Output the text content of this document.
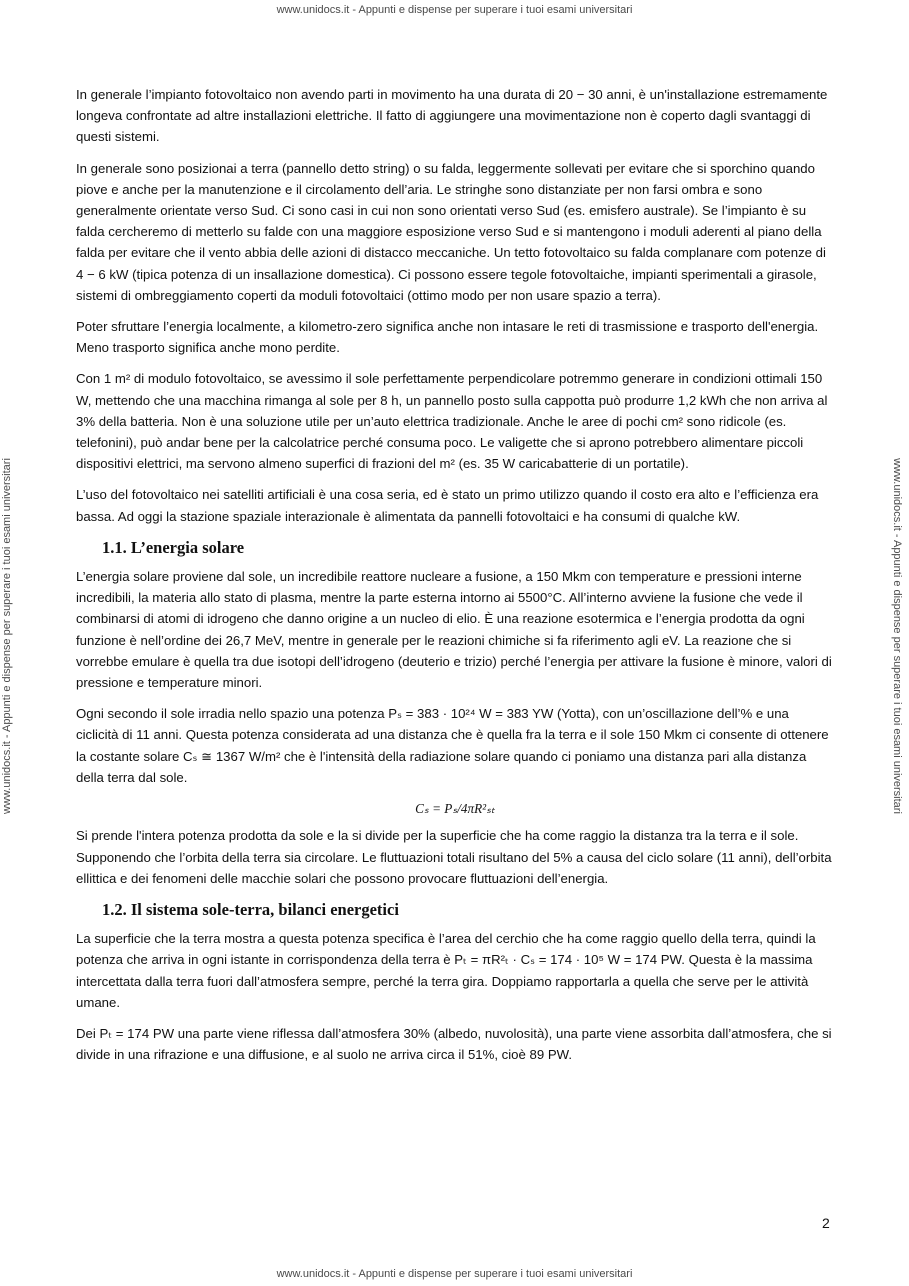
www.unidocs.it - Appunti e dispense per superare i tuoi esami universitari
www.unidocs.it - Appunti e dispense per superare i tuoi esami universitari	www.unidocs.it - Appunti e dispense per superare i tuoi esami universitari

In generale l’impianto fotovoltaico non avendo parti in movimento ha una durata di 20 − 30 anni, è un'installazione estremamente longeva confrontate ad altre installazioni elettriche. Il fatto di aggiungere una movimentazione non è coperto dagli svantaggi di questi sistemi.

In generale sono posizionai a terra (pannello detto string) o su falda, leggermente sollevati per evitare che si sporchino quando piove e anche per la manutenzione e il circolamento dell’aria. Le stringhe sono distanziate per non farsi ombra e sono generalmente orientate verso Sud. Ci sono casi in cui non sono orientati verso Sud (es. emisfero australe). Se l’impianto è su falda cercheremo di metterlo su falde con una maggiore esposizione verso Sud e si mantengono i moduli aderenti al piano della falda per evitare che il vento abbia delle azioni di distacco meccaniche. Un tetto fotovoltaico su falda complanare com potenze di 4 − 6 kW (tipica potenza di un insallazione domestica). Ci possono essere tegole fotovoltaiche, impianti sperimentali a girasole, sistemi di ombreggiamento coperti da moduli fotovoltaici (ottimo modo per non usare spazio a terra).

Poter sfruttare l’energia localmente, a kilometro-zero significa anche non intasare le reti di trasmissione e trasporto dell'energia. Meno trasporto significa anche mono perdite.

Con 1 m² di modulo fotovoltaico, se avessimo il sole perfettamente perpendicolare potremmo generare in condizioni ottimali 150 W, mettendo che una macchina rimanga al sole per 8 h, un pannello posto sulla cappotta può produrre 1,2 kWh che non arriva al 3% della batteria. Non è una soluzione utile per un’auto elettrica tradizionale. Anche le aree di pochi cm² sono ridicole (es. telefonini), può andar bene per la calcolatrice perché consuma poco. Le valigette che si aprono potrebbero alimentare piccoli dispositivi elettrici, ma servono almeno superfici di frazioni del m² (es. 35 W caricabatterie di un portatile).

L’uso del fotovoltaico nei satelliti artificiali è una cosa seria, ed è stato un primo utilizzo quando il costo era alto e l’efficienza era bassa. Ad oggi la stazione spaziale interazionale è alimentata da pannelli fotovoltaici e ha consumi di qualche kW.

1.1. L’energia solare

L’energia solare proviene dal sole, un incredibile reattore nucleare a fusione, a 150 Mkm con temperature e pressioni interne incredibili, la materia allo stato di plasma, mentre la parte esterna intorno ai 5500°C. All’interno avviene la fusione che vede il combinarsi di atomi di idrogeno che danno origine a un nucleo di elio. È una reazione esotermica e l’energia prodotta da ogni funzione è nell’ordine dei 26,7 MeV, mentre in generale per le reazioni chimiche si fa riferimento agli eV. La reazione che si vorrebbe emulare è quella tra due isotopi dell’idrogeno (deuterio e trizio) perché l’energia per attivare la fusione è minore, valori di pressione e temperature minori.

Ogni secondo il sole irradia nello spazio una potenza Pₛ = 383 · 10²⁴ W = 383 YW (Yotta), con un’oscillazione dell’% e una ciclicità di 11 anni. Questa potenza considerata ad una distanza che è quella fra la terra e il sole 150 Mkm ci consente di ottenere la costante solare Cₛ ≅ 1367 W/m² che è l'intensità della radiazione solare quando ci poniamo una distanza pari alla distanza della terra dal sole.

Cₛ = Pₛ/4πR²ₛₜ

Si prende l'intera potenza prodotta da sole e la si divide per la superficie che ha come raggio la distanza tra la terra e il sole. Supponendo che l’orbita della terra sia circolare. Le fluttuazioni totali risultano del 5% a causa del ciclo solare (11 anni), dell’orbita ellittica e dei fenomeni delle macchie solari che possono provocare fluttuazioni dell’energia.

1.2. Il sistema sole-terra, bilanci energetici

La superficie che la terra mostra a questa potenza specifica è l’area del cerchio che ha come raggio quello della terra, quindi la potenza che arriva in ogni istante in corrispondenza della terra è Pₜ = πR²ₜ · Cₛ = 174 · 10⁵ W = 174 PW. Questa è la massima intercettata dalla terra fuori dall’atmosfera sempre, perché la terra gira. Doppiamo rapportarla a quella che serve per le attività umane.

Dei Pₜ = 174 PW una parte viene riflessa dall’atmosfera 30% (albedo, nuvolosità), una parte viene assorbita dall’atmosfera, che si divide in una rifrazione e una diffusione, e al suolo ne arriva circa il 51%, cioè 89 PW.

2
www.unidocs.it - Appunti e dispense per superare i tuoi esami universitari
